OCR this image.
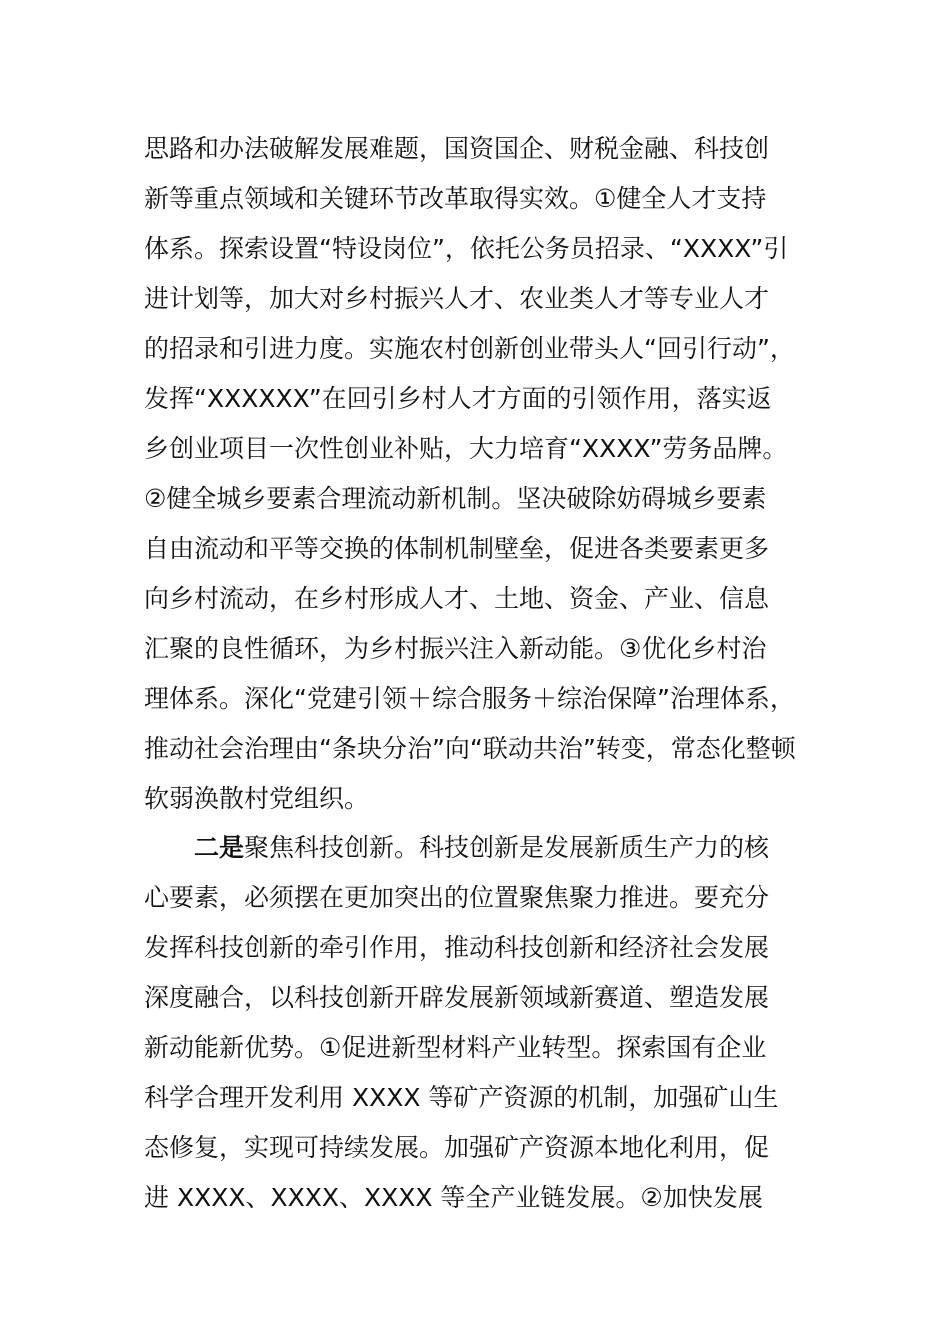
思路和办法破解发展难题，国资国企、财税金融、科技创
新等重点领域和关键环节改革取得实效。①健全人才支持
体系。探索设置“特设岗位”，依托公务员招录、“XXXX”引
进计划等，加大对乡村振兴人才、农业类人才等专业人才
的招录和引进力度。实施农村创新创业带头人“回引行动”，
发挥“XXXXXX”在回引乡村人才方面的引领作用，落实返
乡创业项目一次性创业补贴，大力培育“XXXX”劳务品牌。
②健全城乡要素合理流动新机制。坚决破除妨碍城乡要素
自由流动和平等交换的体制机制壁垒，促进各类要素更多
向乡村流动，在乡村形成人才、土地、资金、产业、信息
汇聚的良性循环，为乡村振兴注入新动能。③优化乡村治
理体系。深化“党建引领＋综合服务＋综治保障”治理体系，
推动社会治理由“条块分治”向“联动共治”转变，常态化整顿
软弱涣散村党组织。
二是聚焦科技创新。科技创新是发展新质生产力的核
心要素，必须摆在更加突出的位置聚焦聚力推进。要充分
发挥科技创新的牵引作用，推动科技创新和经济社会发展
深度融合，以科技创新开辟发展新领域新赛道、塑造发展
新动能新优势。①促进新型材料产业转型。探索国有企业
科学合理开发利用 XXXX 等矿产资源的机制，加强矿山生
态修复，实现可持续发展。加强矿产资源本地化利用，促
进 XXXX、XXXX、XXXX 等全产业链发展。②加快发展
